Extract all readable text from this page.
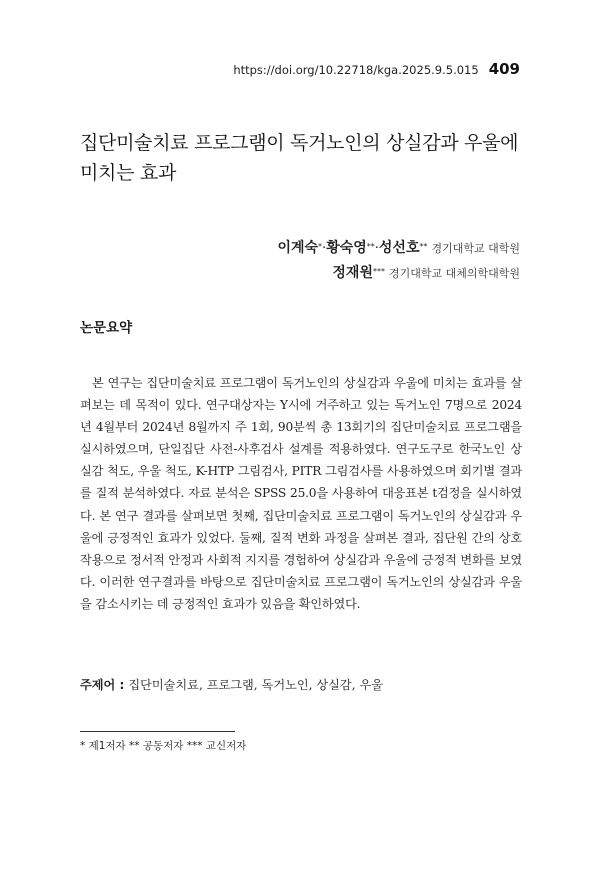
https://doi.org/10.22718/kga.2025.9.5.015 409
집단미술치료 프로그램이 독거노인의 상실감과 우울에 미치는 효과
이계숙*·황숙영**·성선호** 경기대학교 대학원
정재원*** 경기대학교 대체의학대학원
논문요약

본 연구는 집단미술치료 프로그램이 독거노인의 상실감과 우울에 미치는 효과를 살펴보는 데 목적이 있다. 연구대상자는 Y시에 거주하고 있는 독거노인 7명으로 2024년 4월부터 2024년 8월까지 주 1회, 90분씩 총 13회기의 집단미술치료 프로그램을 실시하였으며, 단일집단 사전-사후검사 설계를 적용하였다. 연구도구로 한국노인 상실감 척도, 우울 척도, K-HTP 그림검사, PITR 그림검사를 사용하였으며 회기별 결과를 질적 분석하였다. 자료 분석은 SPSS 25.0을 사용하여 대응표본 t검정을 실시하였다. 본 연구 결과를 살펴보면 첫째, 집단미술치료 프로그램이 독거노인의 상실감과 우울에 긍정적인 효과가 있었다. 둘째, 질적 변화 과정을 살펴본 결과, 집단원 간의 상호작용으로 정서적 안정과 사회적 지지를 경험하여 상실감과 우울에 긍정적 변화를 보였다. 이러한 연구결과를 바탕으로 집단미술치료 프로그램이 독거노인의 상실감과 우울을 감소시키는 데 긍정적인 효과가 있음을 확인하였다.

주제어 : 집단미술치료, 프로그램, 독거노인, 상실감, 우울
* 제1저자 ** 공동저자 *** 교신저자
